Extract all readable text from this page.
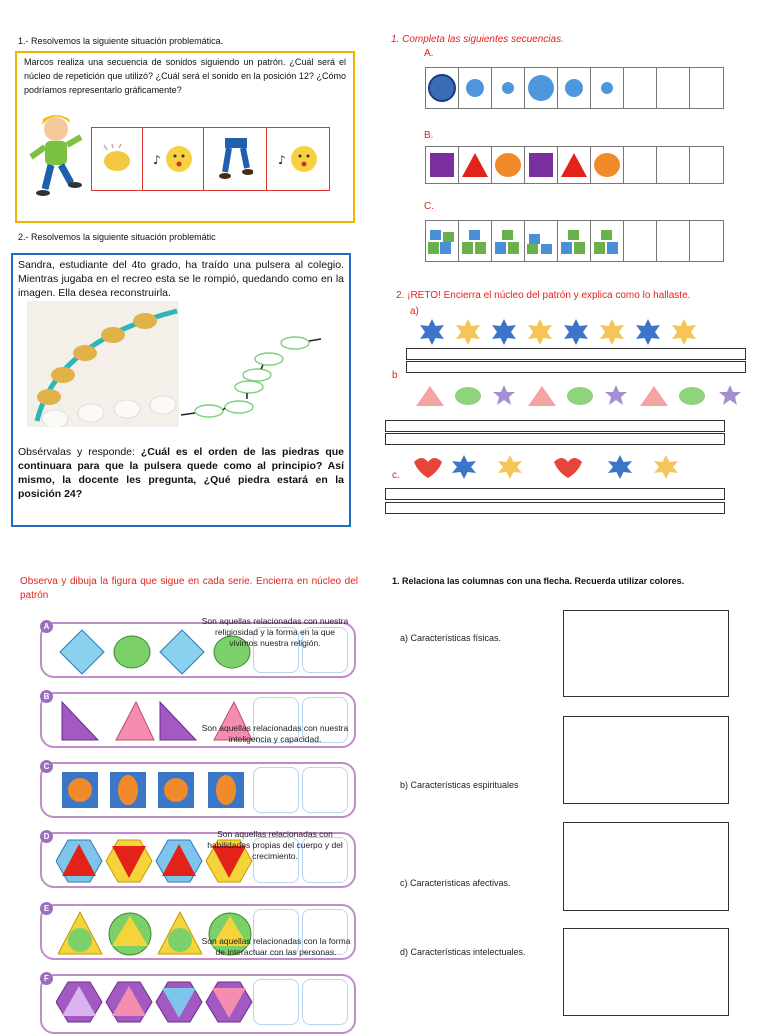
1.- Resolvemos la siguiente situación problemática.
Marcos realiza una secuencia de sonidos siguiendo un patrón. ¿Cuál será el núcleo de repetición que utilizó? ¿Cuál será el sonido en la posición 12? ¿Cómo podríamos representarlo gráficamente?
♪	♪
2.- Resolvemos la siguiente situación problemátic
Sandra, estudiante del 4to grado, ha traído una pulsera al colegio. Mientras jugaba en el recreo esta se le rompió, quedando como en la imagen. Ella desea reconstruirla.
Obsérvalas y responde: ¿Cuál es el orden de las piedras que continuara para que la pulsera quede como al principio? Así mismo, la docente les pregunta, ¿Qué piedra estará en la posición 24?
1. Completa las siguientes secuencias.
A.
B.
C.
2. ¡RETO! Encierra el núcleo del patrón y explica como lo hallaste.
a)
b
c.
Observa y dibuja la figura que sigue en cada serie. Encierra en núcleo del patrón
A
B
C
D
E
F
Son aquellas relacionadas con nuestra religiosidad y la forma en la que vivimos nuestra religión.
Son aquellas relacionadas con nuestra inteligencia y capacidad.
Son aquellas relacionadas con habilidades propias del cuerpo y del crecimiento.
Son aquellas relacionadas con la forma de interactuar con las personas.
1. Relaciona las columnas con una flecha. Recuerda utilizar colores.
a) Características físicas.
b) Características espirituales
c) Características afectivas.
d) Características intelectuales.
